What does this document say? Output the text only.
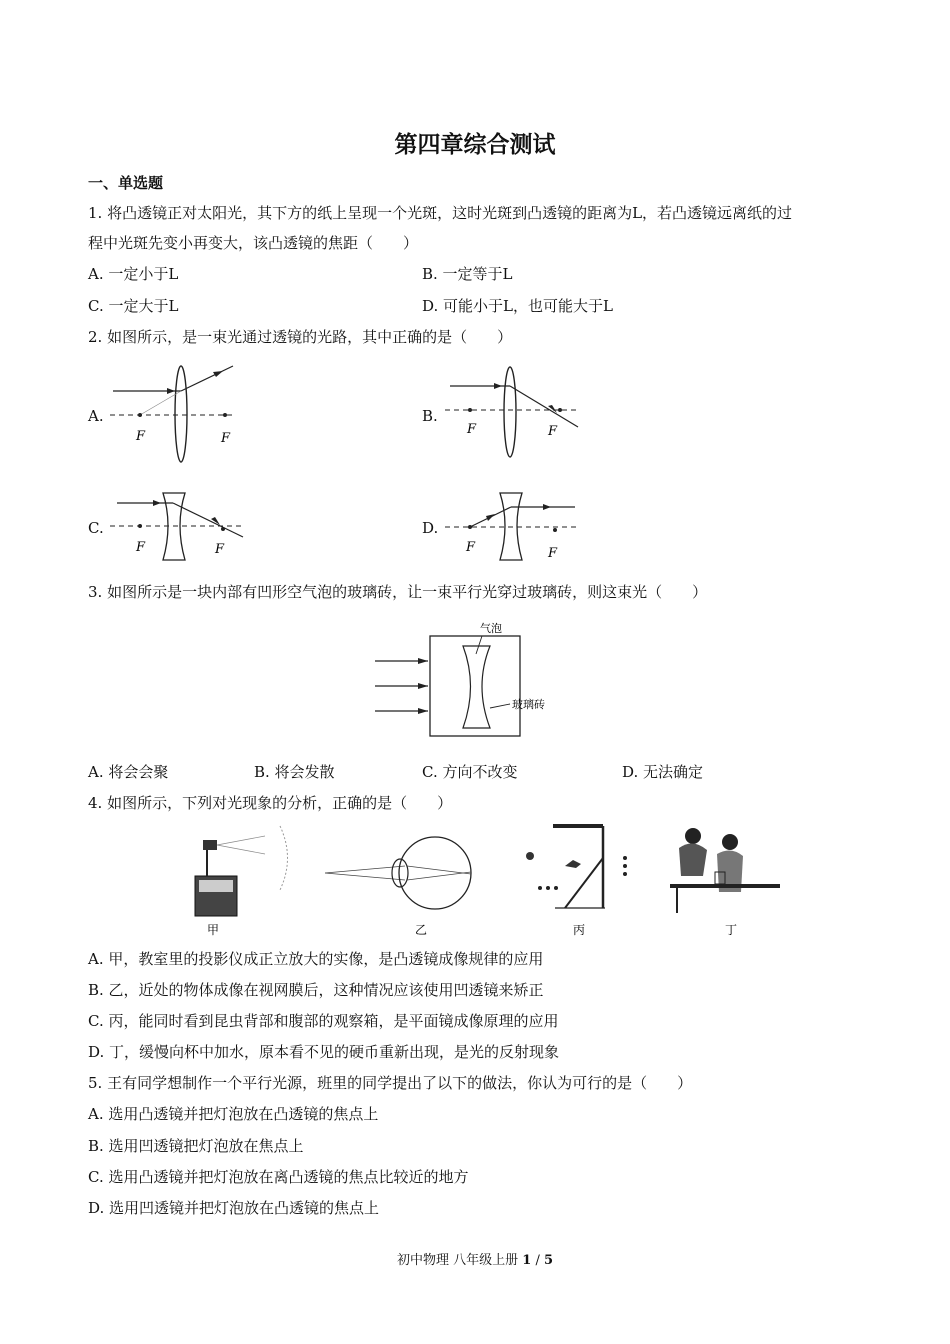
第四章综合测试
一、单选题
1. 将凸透镜正对太阳光，其下方的纸上呈现一个光斑，这时光斑到凸透镜的距离为L，若凸透镜远离纸的过
程中光斑先变小再变大，该凸透镜的焦距（　　）
A. 一定小于L	B. 一定等于L
C. 一定大于L	D. 可能小于L，也可能大于L
2. 如图所示，是一束光通过透镜的光路，其中正确的是（　　）
A.
F	F
B.
F	F
C.
F	F
D.
F	F
3. 如图所示是一块内部有凹形空气泡的玻璃砖，让一束平行光穿过玻璃砖，则这束光（　　）
气泡
玻璃砖
A. 将会会聚	B. 将会发散	C. 方向不改变	D. 无法确定
4. 如图所示，下列对光现象的分析，正确的是（　　）
甲	乙	丙	丁
A. 甲，教室里的投影仪成正立放大的实像，是凸透镜成像规律的应用
B. 乙，近处的物体成像在视网膜后，这种情况应该使用凹透镜来矫正
C. 丙，能同时看到昆虫背部和腹部的观察箱，是平面镜成像原理的应用
D. 丁，缓慢向杯中加水，原本看不见的硬币重新出现，是光的反射现象
5. 王有同学想制作一个平行光源，班里的同学提出了以下的做法，你认为可行的是（　　）
A. 选用凸透镜并把灯泡放在凸透镜的焦点上
B. 选用凹透镜把灯泡放在焦点上
C. 选用凸透镜并把灯泡放在离凸透镜的焦点比较近的地方
D. 选用凹透镜并把灯泡放在凸透镜的焦点上
初中物理 八年级上册 1 / 5
